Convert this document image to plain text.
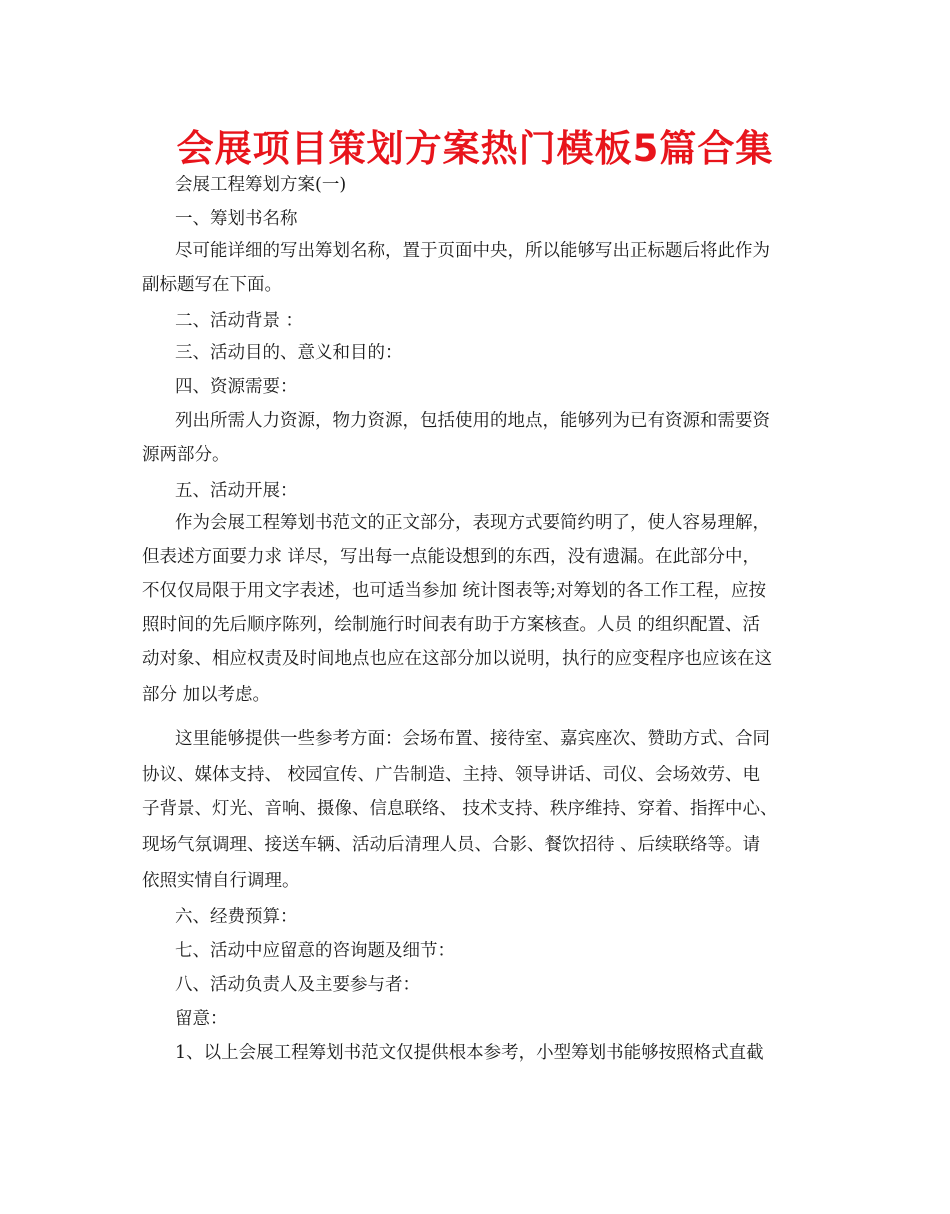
会展项目策划方案热门模板5篇合集
会展工程筹划方案(一)
一、筹划书名称
尽可能详细的写出筹划名称，置于页面中央，所以能够写出正标题后将此作为
副标题写在下面。
二、活动背景 ：
三、活动目的、意义和目的：
四、资源需要：
列出所需人力资源，物力资源，包括使用的地点，能够列为已有资源和需要资
源两部分。
五、活动开展：
作为会展工程筹划书范文的正文部分，表现方式要简约明了，使人容易理解，
但表述方面要力求 详尽，写出每一点能设想到的东西，没有遗漏。在此部分中，
不仅仅局限于用文字表述，也可适当参加 统计图表等;对筹划的各工作工程，应按
照时间的先后顺序陈列，绘制施行时间表有助于方案核查。人员 的组织配置、活
动对象、相应权责及时间地点也应在这部分加以说明，执行的应变程序也应该在这
部分 加以考虑。
这里能够提供一些参考方面：会场布置、接待室、嘉宾座次、赞助方式、合同
协议、媒体支持、 校园宣传、广告制造、主持、领导讲话、司仪、会场效劳、电
子背景、灯光、音响、摄像、信息联络、 技术支持、秩序维持、穿着、指挥中心、
现场气氛调理、接送车辆、活动后清理人员、合影、餐饮招待 、后续联络等。请
依照实情自行调理。
六、经费预算：
七、活动中应留意的咨询题及细节：
八、活动负责人及主要参与者：
留意：
1、以上会展工程筹划书范文仅提供根本参考，小型筹划书能够按照格式直截
